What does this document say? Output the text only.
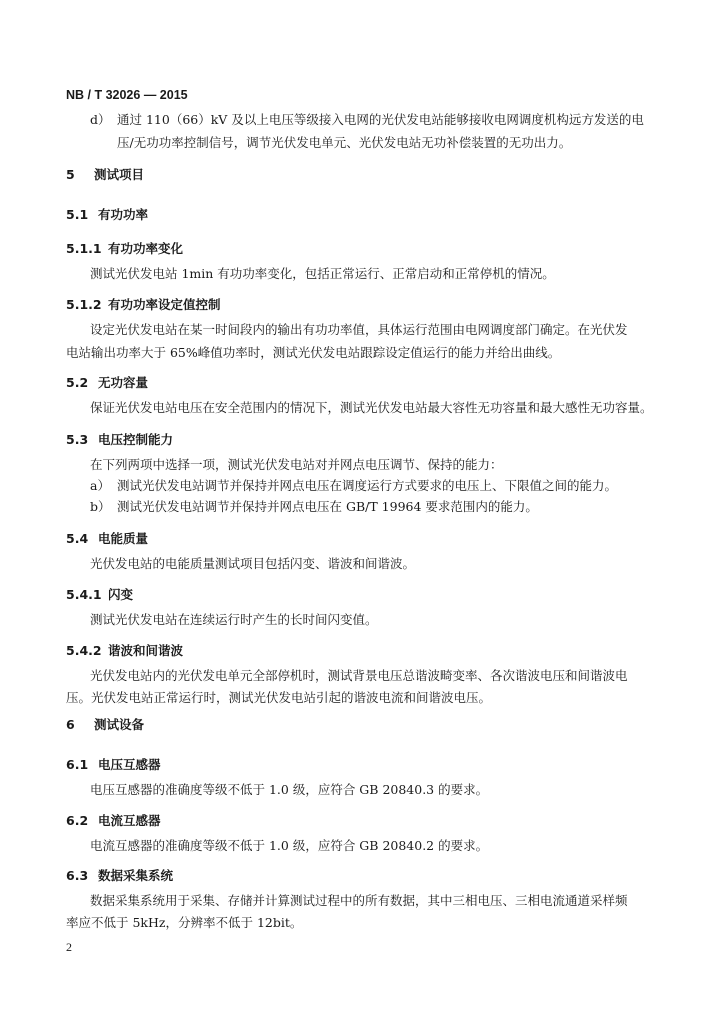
NB / T 32026 — 2015
d） 通过 110（66）kV 及以上电压等级接入电网的光伏发电站能够接收电网调度机构远方发送的电
压/无功功率控制信号，调节光伏发电单元、光伏发电站无功补偿装置的无功出力。
5 测试项目
5.1 有功功率
5.1.1 有功功率变化
测试光伏发电站 1min 有功功率变化，包括正常运行、正常启动和正常停机的情况。
5.1.2 有功功率设定值控制
设定光伏发电站在某一时间段内的输出有功功率值，具体运行范围由电网调度部门确定。在光伏发
电站输出功率大于 65%峰值功率时，测试光伏发电站跟踪设定值运行的能力并给出曲线。
5.2 无功容量
保证光伏发电站电压在安全范围内的情况下，测试光伏发电站最大容性无功容量和最大感性无功容量。
5.3 电压控制能力
在下列两项中选择一项，测试光伏发电站对并网点电压调节、保持的能力：
a） 测试光伏发电站调节并保持并网点电压在调度运行方式要求的电压上、下限值之间的能力。
b） 测试光伏发电站调节并保持并网点电压在 GB/T 19964 要求范围内的能力。
5.4 电能质量
光伏发电站的电能质量测试项目包括闪变、谐波和间谐波。
5.4.1 闪变
测试光伏发电站在连续运行时产生的长时间闪变值。
5.4.2 谐波和间谐波
光伏发电站内的光伏发电单元全部停机时，测试背景电压总谐波畸变率、各次谐波电压和间谐波电
压。光伏发电站正常运行时，测试光伏发电站引起的谐波电流和间谐波电压。
6 测试设备
6.1 电压互感器
电压互感器的准确度等级不低于 1.0 级，应符合 GB 20840.3 的要求。
6.2 电流互感器
电流互感器的准确度等级不低于 1.0 级，应符合 GB 20840.2 的要求。
6.3 数据采集系统
数据采集系统用于采集、存储并计算测试过程中的所有数据，其中三相电压、三相电流通道采样频
率应不低于 5kHz，分辨率不低于 12bit。
2
